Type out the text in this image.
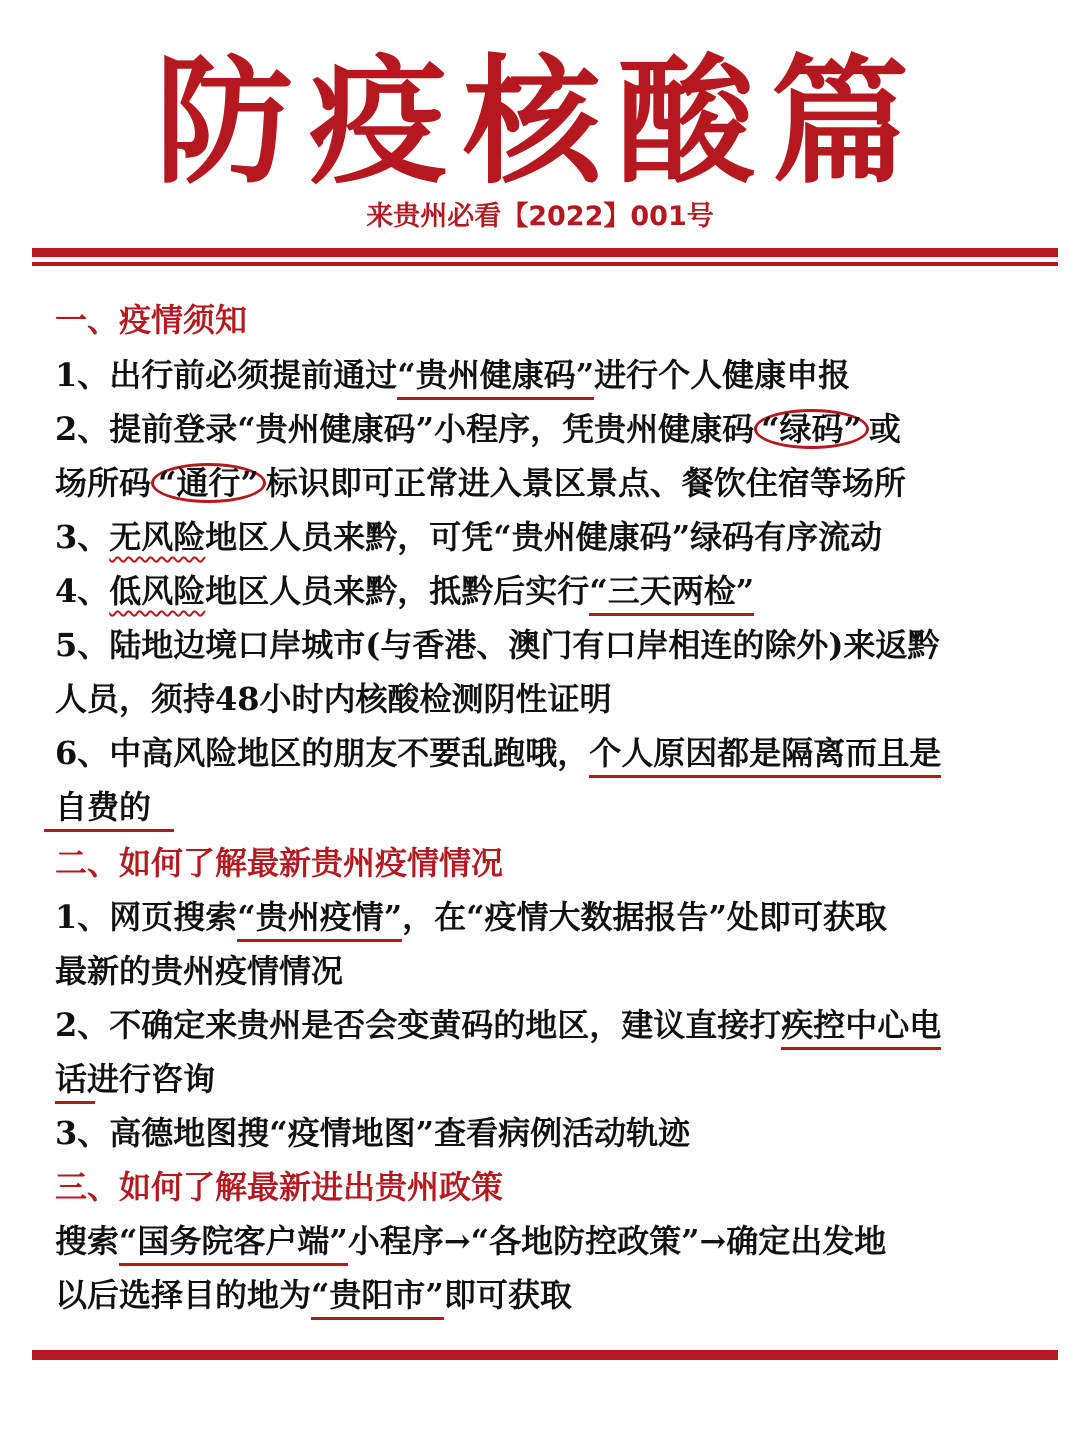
防疫核酸篇
来贵州必看【2022】001号
一、疫情须知
1、出行前必须提前通过“贵州健康码”进行个人健康申报
2、提前登录“贵州健康码”小程序，凭贵州健康码 “绿码” 或
场所码 “通行” 标识即可正常进入景区景点、餐饮住宿等场所
3、无风险地区人员来黔，可凭“贵州健康码”绿码有序流动
4、低风险地区人员来黔，抵黔后实行“三天两检”
5、陆地边境口岸城市(与香港、澳门有口岸相连的除外)来返黔
人员，须持48小时内核酸检测阴性证明
6、中高风险地区的朋友不要乱跑哦，个人原因都是隔离而且是
自费的
二、如何了解最新贵州疫情情况
1、网页搜索“贵州疫情”，在“疫情大数据报告”处即可获取
最新的贵州疫情情况
2、不确定来贵州是否会变黄码的地区，建议直接打疾控中心电
话进行咨询
3、高德地图搜“疫情地图”查看病例活动轨迹
三、如何了解最新进出贵州政策
搜索“国务院客户端”小程序→“各地防控政策”→确定出发地
以后选择目的地为“贵阳市”即可获取
